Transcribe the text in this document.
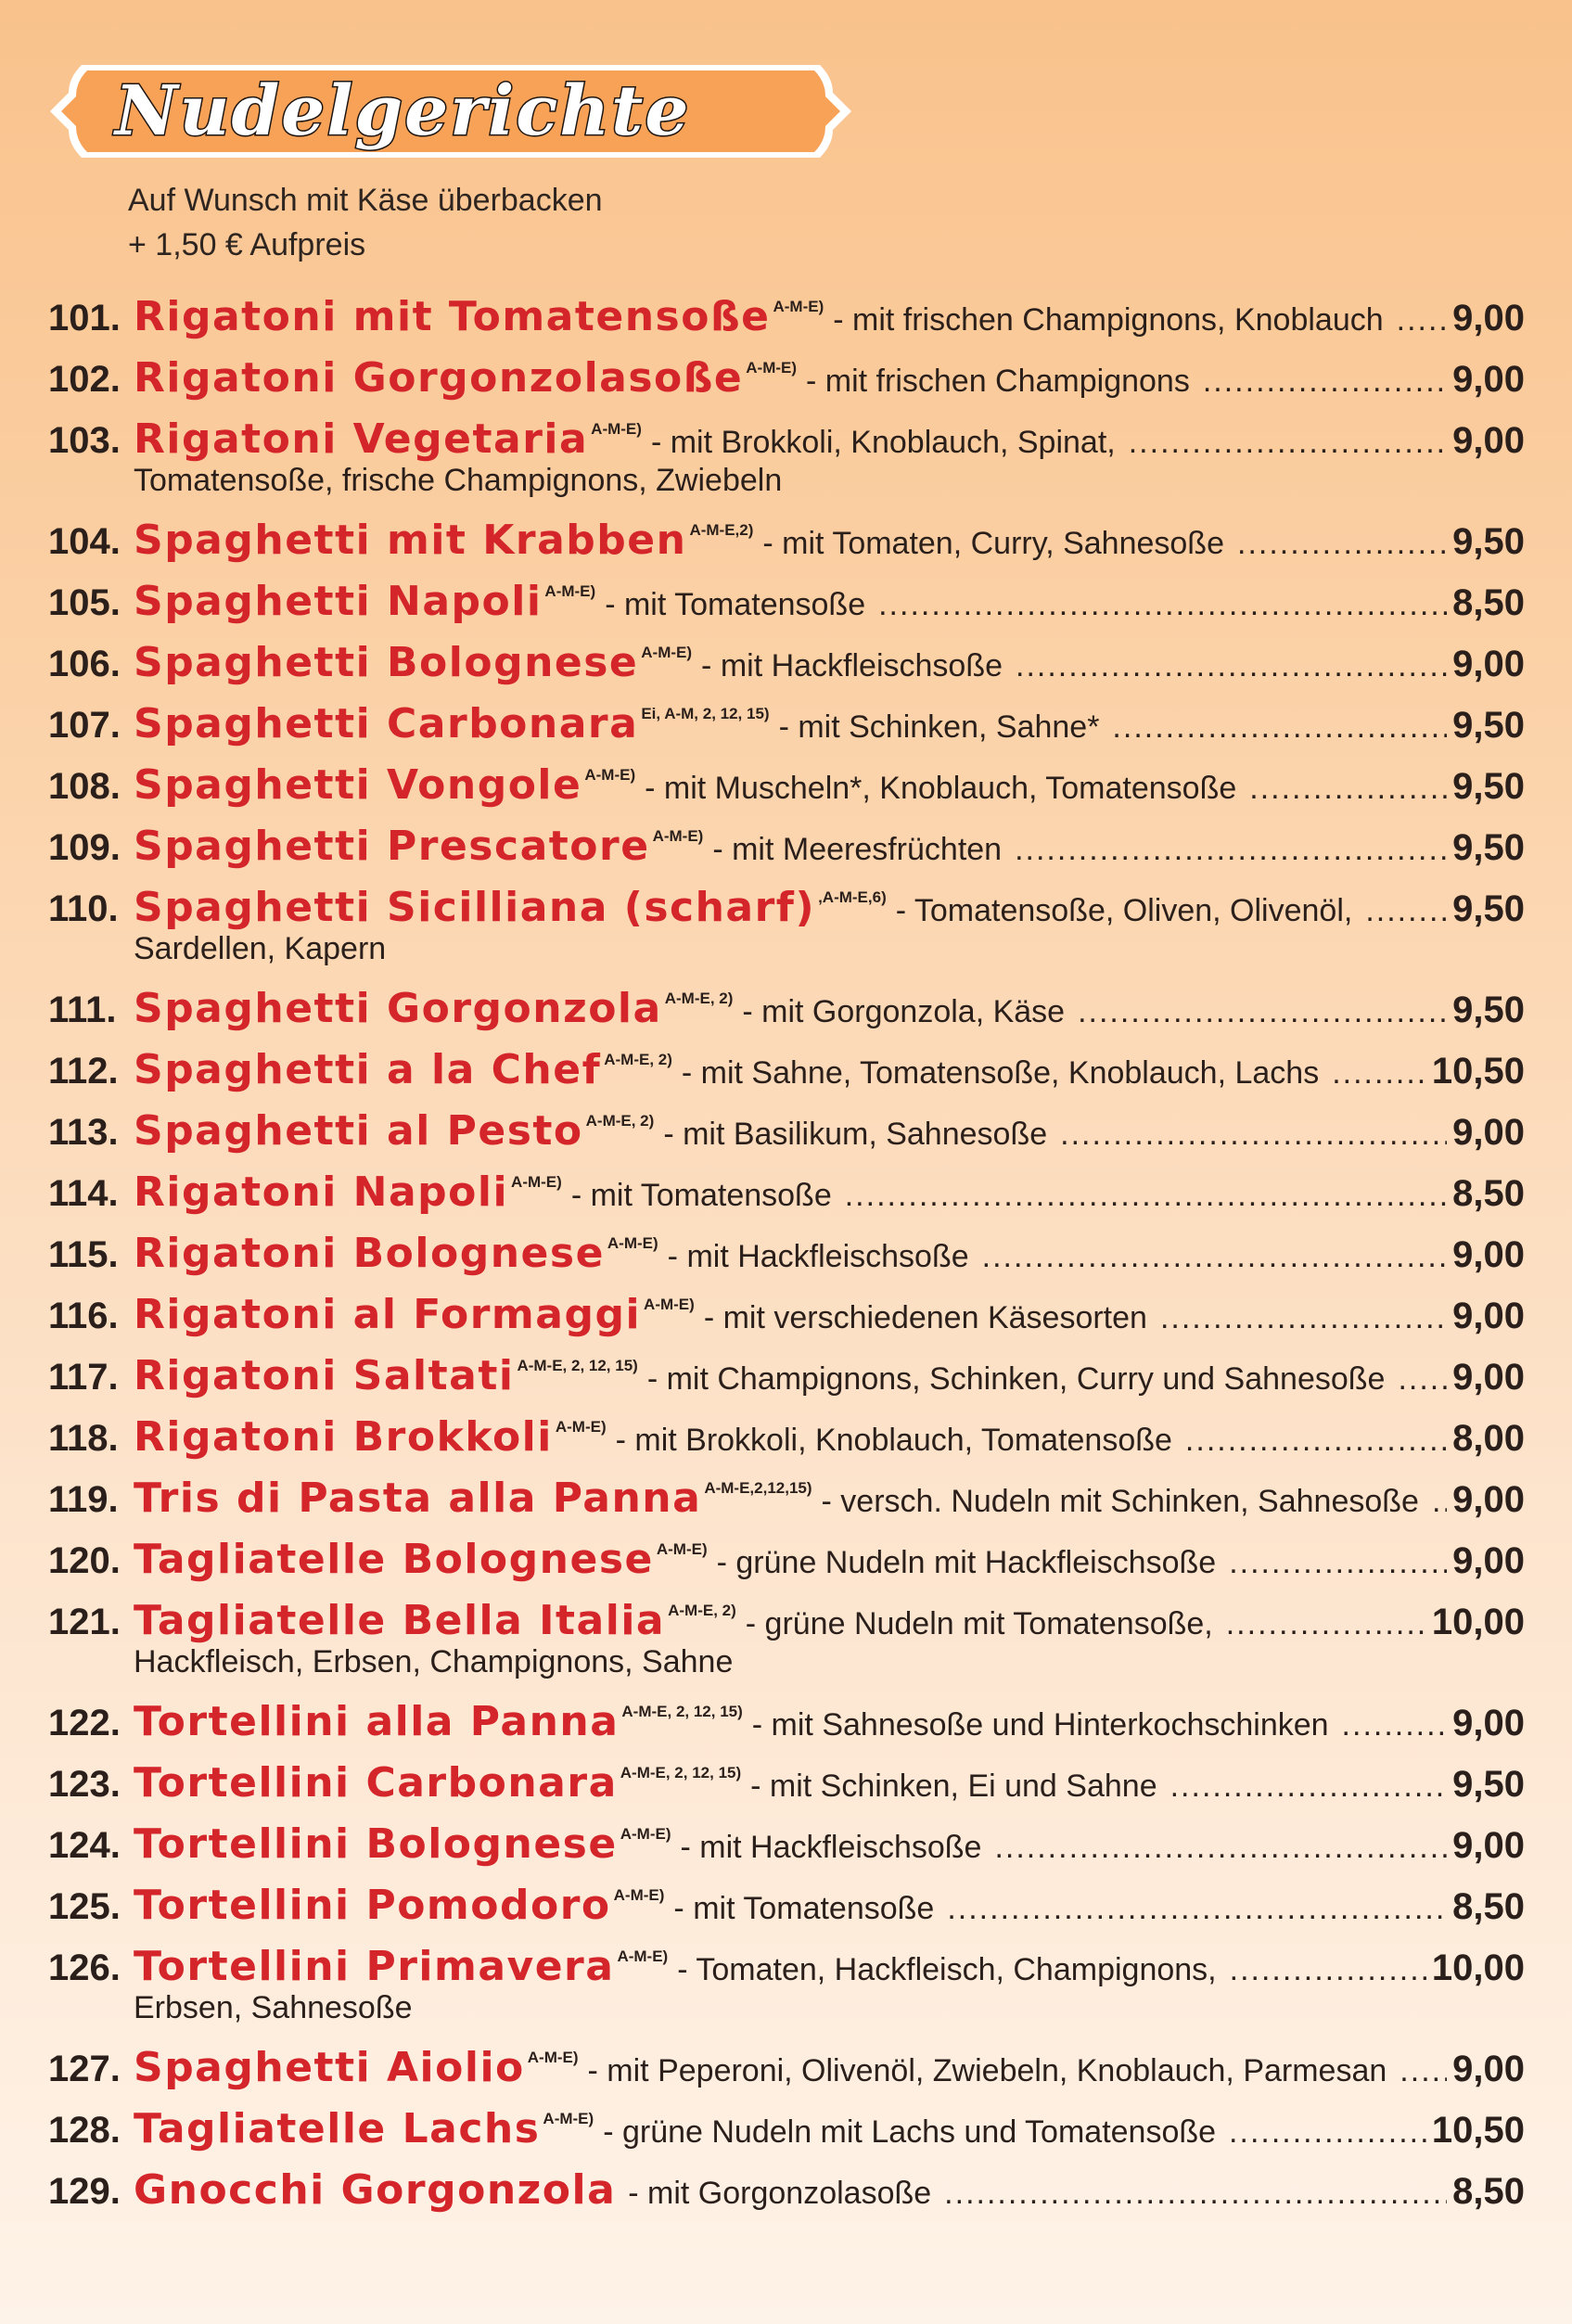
Nudelgerichte
Auf Wunsch mit Käse überbacken
+ 1,50 € Aufpreis
101. Rigatoni mit Tomatensoße A-M-E) - mit frischen Champignons, Knoblauch ..... 9,00
102. Rigatoni Gorgonzolasoße A-M-E) - mit frischen Champignons .....	9,00
103. Rigatoni Vegetaria A-M-E) - mit Brokkoli, Knoblauch, Spinat, .....	9,00
Tomatensoße, frische Champignons, Zwiebeln
104. Spaghetti mit Krabben A-M-E,2) - mit Tomaten, Curry, Sahnesoße .....	9,50
105. Spaghetti Napoli A-M-E) - mit Tomatensoße .....	8,50
106. Spaghetti Bolognese A-M-E) - mit Hackfleischsoße .....	9,00
107. Spaghetti Carbonara Ei, A-M, 2, 12, 15) - mit Schinken, Sahne* .....	9,50
108. Spaghetti Vongole A-M-E) - mit Muscheln*, Knoblauch, Tomatensoße .....	9,50
109. Spaghetti Prescatore A-M-E) - mit Meeresfrüchten .....	9,50
110. Spaghetti Sicilliana (scharf) ,A-M-E,6) - Tomatensoße, Oliven, Olivenöl, .....	9,50
Sardellen, Kapern
111. Spaghetti Gorgonzola A-M-E, 2) - mit Gorgonzola, Käse .....	9,50
112. Spaghetti a la Chef A-M-E, 2) - mit Sahne, Tomatensoße, Knoblauch, Lachs .....	10,50
113. Spaghetti al Pesto A-M-E, 2) - mit Basilikum, Sahnesoße .....	9,00
114. Rigatoni Napoli A-M-E) - mit Tomatensoße .....	8,50
115. Rigatoni Bolognese A-M-E) - mit Hackfleischsoße .....	9,00
116. Rigatoni al Formaggi A-M-E) - mit verschiedenen Käsesorten .....	9,00
117. Rigatoni Saltati A-M-E, 2, 12, 15) - mit Champignons, Schinken, Curry und Sahnesoße ..... 9,00
118. Rigatoni Brokkoli A-M-E) - mit Brokkoli, Knoblauch, Tomatensoße .....	8,00
119. Tris di Pasta alla Panna A-M-E,2,12,15) - versch. Nudeln mit Schinken, Sahnesoße ..... 9,00
120. Tagliatelle Bolognese A-M-E) - grüne Nudeln mit Hackfleischsoße .....	9,00
121. Tagliatelle Bella Italia A-M-E, 2) - grüne Nudeln mit Tomatensoße, .....	10,00
Hackfleisch, Erbsen, Champignons, Sahne
122. Tortellini alla Panna A-M-E, 2, 12, 15) - mit Sahnesoße und Hinterkochschinken .....	9,00
123. Tortellini Carbonara A-M-E, 2, 12, 15) - mit Schinken, Ei und Sahne .....	9,50
124. Tortellini Bolognese A-M-E) - mit Hackfleischsoße .....	9,00
125. Tortellini Pomodoro A-M-E) - mit Tomatensoße .....	8,50
126. Tortellini Primavera A-M-E) - Tomaten, Hackfleisch, Champignons, .....	10,00
Erbsen, Sahnesoße
127. Spaghetti Aiolio A-M-E) - mit Peperoni, Olivenöl, Zwiebeln, Knoblauch, Parmesan ..... 9,00
128. Tagliatelle Lachs A-M-E) - grüne Nudeln mit Lachs und Tomatensoße .....	10,50
129. Gnocchi Gorgonzola - mit Gorgonzolasoße .....	8,50
